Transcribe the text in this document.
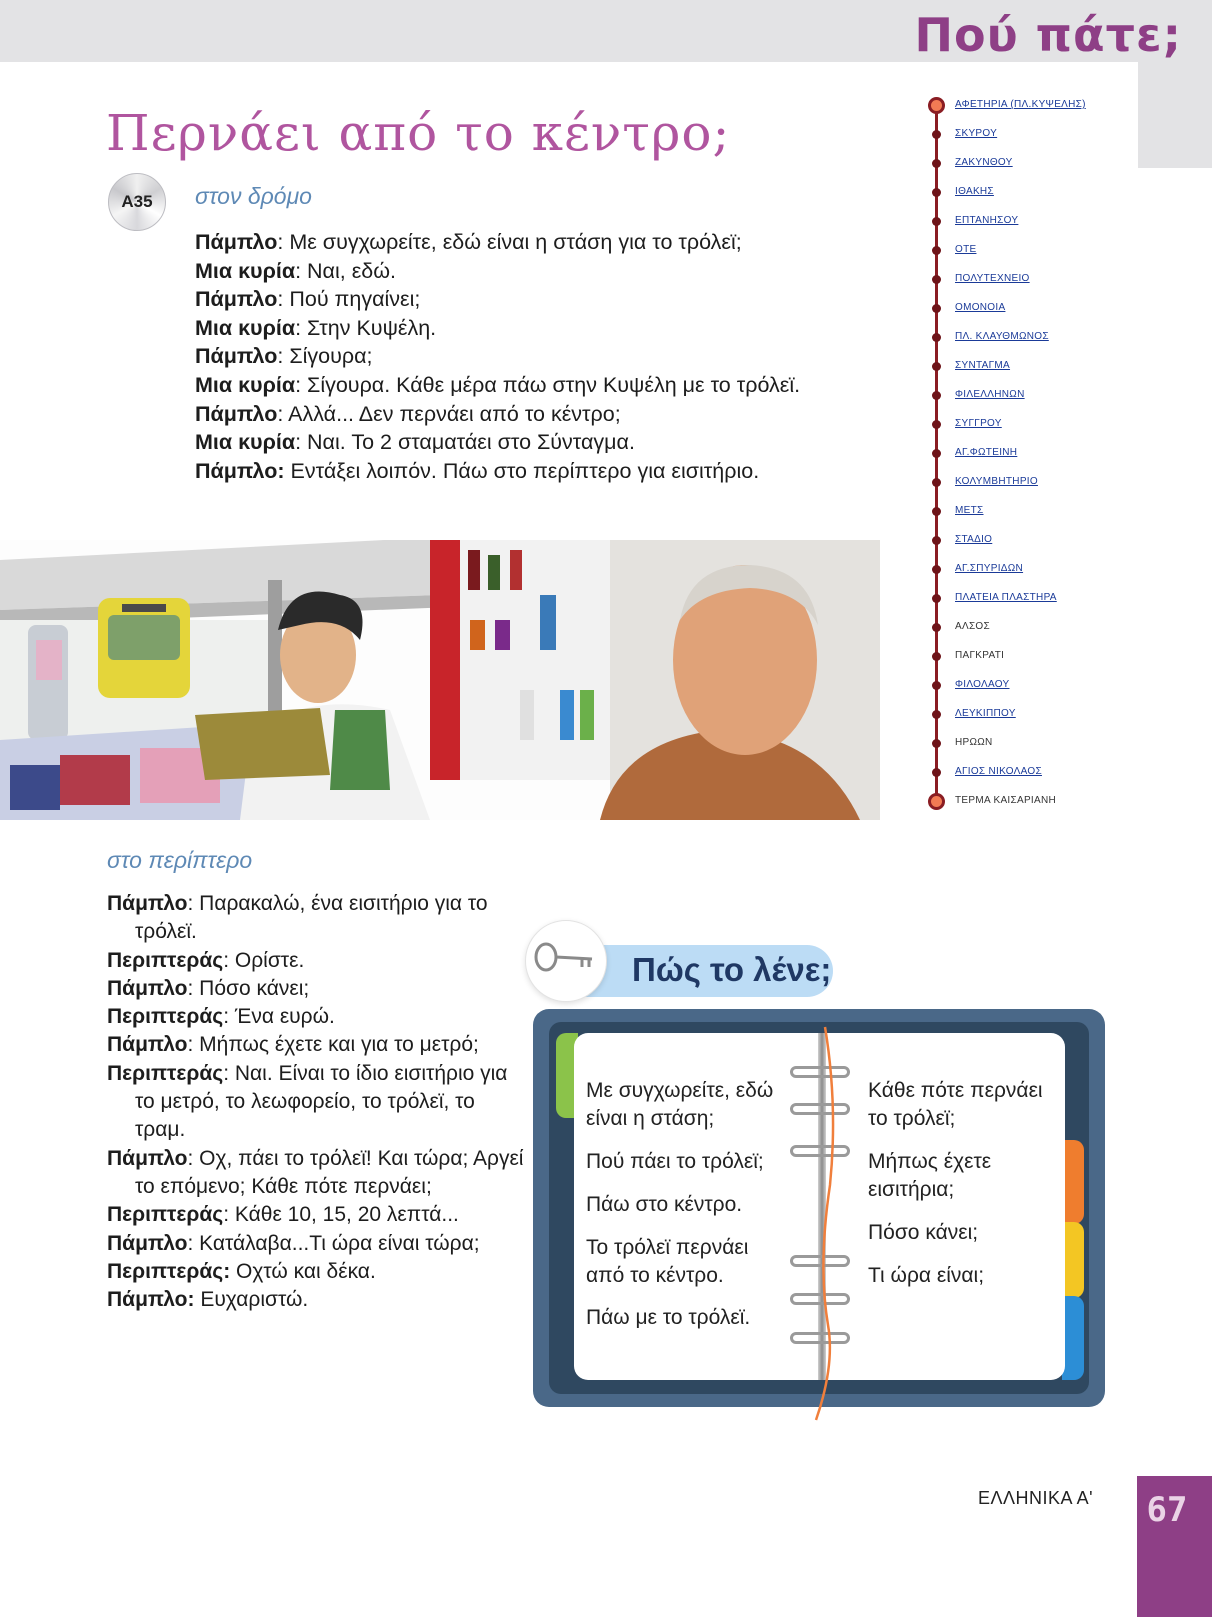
Πού πάτε;
Περνάει από το κέντρο;
A35	στον δρόμο
Πάμπλο: Με συγχωρείτε, εδώ είναι η στάση για το τρόλεϊ;
Μια κυρία: Ναι, εδώ.
Πάμπλο: Πού πηγαίνει;
Μια κυρία: Στην Κυψέλη.
Πάμπλο: Σίγουρα;
Μια κυρία: Σίγουρα. Κάθε μέρα πάω στην Κυψέλη με το τρόλεϊ.
Πάμπλο: Αλλά... Δεν περνάει από το κέντρο;
Μια κυρία: Ναι. Το 2 σταματάει στο Σύνταγμα.
Πάμπλο: Εντάξει λοιπόν. Πάω στο περίπτερο για εισιτήριο.
ΑΦΕΤΗΡΙΑ (ΠΛ.ΚΥΨΕΛΗΣ)
ΣΚΥΡΟΥ
ΖΑΚΥΝΘΟΥ
ΙΘΑΚΗΣ
ΕΠΤΑΝΗΣΟΥ
ΟΤΕ
ΠΟΛΥΤΕΧΝΕΙΟ
ΟΜΟΝΟΙΑ
ΠΛ. ΚΛΑΥΘΜΩΝΟΣ
ΣΥΝΤΑΓΜΑ
ΦΙΛΕΛΛΗΝΩΝ
ΣΥΓΓΡΟΥ
ΑΓ.ΦΩΤΕΙΝΗ
ΚΟΛΥΜΒΗΤΗΡΙΟ
ΜΕΤΣ
ΣΤΑΔΙΟ
ΑΓ.ΣΠΥΡΙΔΩΝ
ΠΛΑΤΕΙΑ ΠΛΑΣΤΗΡΑ
ΑΛΣΟΣ
ΠΑΓΚΡΑΤΙ
ΦΙΛΟΛΑΟΥ
ΛΕΥΚΙΠΠΟΥ
ΗΡΩΩΝ
ΑΓΙΟΣ ΝΙΚΟΛΑΟΣ
ΤΕΡΜΑ ΚΑΙΣΑΡΙΑΝΗ
στο περίπτερο
Πάμπλο: Παρακαλώ, ένα εισιτήριο για το τρόλεϊ.
Περιπτεράς: Ορίστε.
Πάμπλο: Πόσο κάνει;
Περιπτεράς: Ένα ευρώ.
Πάμπλο: Μήπως έχετε και για το μετρό;
Περιπτεράς: Ναι. Είναι το ίδιο εισιτήριο για το μετρό, το λεωφορείο, το τρόλεϊ, το τραμ.
Πάμπλο: Οχ, πάει το τρόλεϊ! Και τώρα; Αργεί το επόμενο; Κάθε πότε περνάει;
Περιπτεράς: Κάθε 10, 15, 20 λεπτά...
Πάμπλο: Κατάλαβα...Τι ώρα είναι τώρα;
Περιπτεράς: Οχτώ και δέκα.
Πάμπλο: Ευχαριστώ.
Πώς το λένε;
Με συγχωρείτε, εδώ είναι η στάση;
Πού πάει το τρόλεϊ;
Πάω στο κέντρο.
Το τρόλεϊ περνάει από το κέντρο.
Πάω με το τρόλεϊ.
Κάθε πότε περνάει το τρόλεϊ;
Μήπως έχετε εισιτήρια;
Πόσο κάνει;
Τι ώρα είναι;
ΕΛΛΗΝΙΚΑ Α' 67
